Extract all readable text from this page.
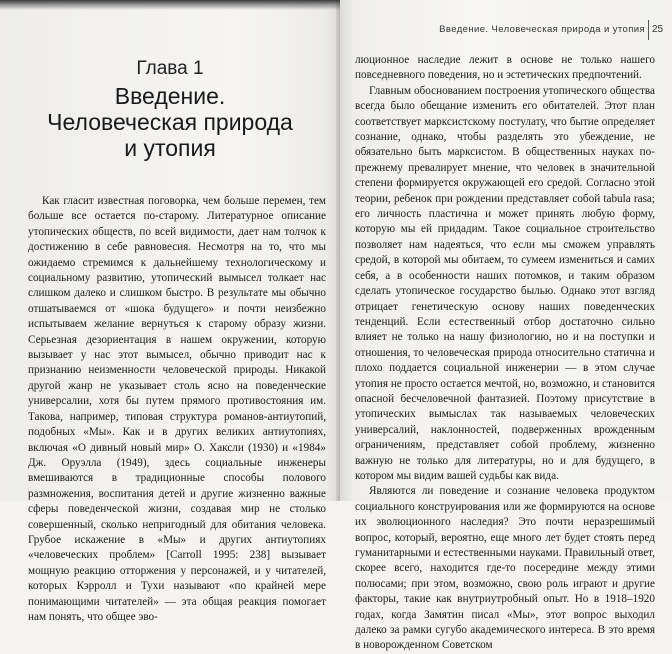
Глава 1
Введение. Человеческая природа и утопия

Как гласит известная поговорка, чем больше перемен, тем больше все остается по-старому. Литературное описание утопических обществ, по всей видимости, дает нам толчок к достижению в себе равновесия. Несмотря на то, что мы ожидаемо стремимся к дальнейшему технологическому и социальному развитию, утопический вымысел толкает нас слишком далеко и слишком быстро. В результате мы обычно отшатываемся от «шока будущего» и почти неизбежно испытываем желание вернуться к старому образу жизни. Серьезная дезориентация в нашем окружении, которую вызывает у нас этот вымысел, обычно приводит нас к признанию неизменности человеческой природы. Никакой другой жанр не указывает столь ясно на поведенческие универсалии, хотя бы путем прямого противостояния им. Такова, например, типовая структура романов-антиутопий, подобных «Мы». Как и в других великих антиутопиях, включая «О дивный новый мир» О. Хаксли (1930) и «1984» Дж. Оруэлла (1949), здесь социальные инженеры вмешиваются в традиционные способы полового размножения, воспитания детей и другие жизненно важные сферы поведенческой жизни, создавая мир не столько совершенный, сколько непригодный для обитания человека. Грубое искажение в «Мы» и других антиутопиях «человеческих проблем» [Carroll 1995: 238] вызывает мощную реакцию отторжения у персонажей, и у читателей, которых Кэрролл и Тухи называют «по крайней мере понимающими читателей» — эта общая реакция помогает нам понять, что общее эво-

Введение. Человеческая природа и утопия 25

люционное наследие лежит в основе не только нашего повседневного поведения, но и эстетических предпочтений.

Главным обоснованием построения утопического общества всегда было обещание изменить его обитателей. Этот план соответствует марксистскому постулату, что бытие определяет сознание, однако, чтобы разделять это убеждение, не обязательно быть марксистом. В общественных науках по-прежнему превалирует мнение, что человек в значительной степени формируется окружающей его средой. Согласно этой теории, ребенок при рождении представляет собой tabula rasa; его личность пластична и может принять любую форму, которую мы ей придадим. Такое социальное строительство позволяет нам надеяться, что если мы сможем управлять средой, в которой мы обитаем, то сумеем измениться и самих себя, а в особенности наших потомков, и таким образом сделать утопическое государство былью. Однако этот взгляд отрицает генетическую основу наших поведенческих тенденций. Если естественный отбор достаточно сильно влияет не только на нашу физиологию, но и на поступки и отношения, то человеческая природа относительно статична и плохо поддается социальной инженерии — в этом случае утопия не просто остается мечтой, но, возможно, и становится опасной бесчеловечной фантазией. Поэтому присутствие в утопических вымыслах так называемых человеческих универсалий, наклонностей, подверженных врожденным ограничениям, представляет собой проблему, жизненно важную не только для литературы, но и для будущего, в котором мы видим вашей судьбы как вида.

Являются ли поведение и сознание человека продуктом социального конструирования или же формируются на основе их эволюционного наследия? Это почти неразрешимый вопрос, который, вероятно, еще много лет будет стоять перед гуманитарными и естественными науками. Правильный ответ, скорее всего, находится где-то посередине между этими полюсами; при этом, возможно, свою роль играют и другие факторы, такие как внутриутробный опыт. Но в 1918–1920 годах, когда Замятин писал «Мы», этот вопрос выходил далеко за рамки сугубо академического интереса. В это время в новорожденном Советском
